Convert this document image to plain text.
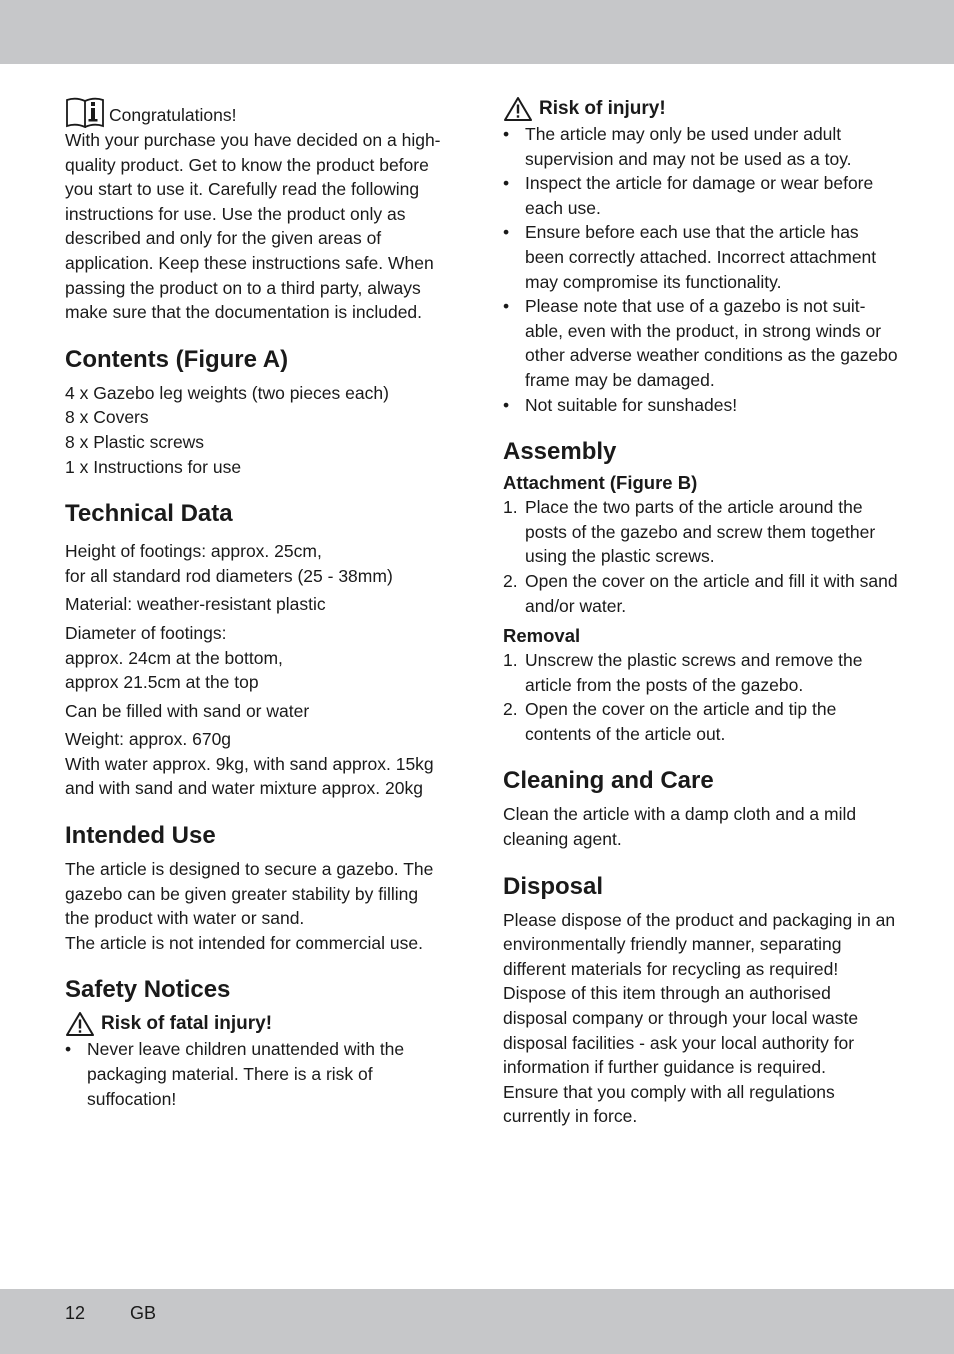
Congratulations!

With your purchase you have decided on a high-quality product. Get to know the product before you start to use it. Carefully read the following instructions for use. Use the product only as described and only for the given areas of application. Keep these instructions safe. When passing the product on to a third party, always make sure that the documentation is included.

Contents (Figure A)

4 x Gazebo leg weights (two pieces each)

8 x Covers

8 x Plastic screws

1 x Instructions for use

Technical Data

Height of footings: approx. 25cm,

for all standard rod diameters (25 - 38mm)

Material: weather-resistant plastic

Diameter of footings:

approx. 24cm at the bottom,

approx 21.5cm at the top

Can be filled with sand or water

Weight: approx. 670g

With water approx. 9kg, with sand approx. 15kg and with sand and water mixture approx. 20kg

Intended Use

The article is designed to secure a gazebo. The gazebo can be given greater stability by filling the product with water or sand.

The article is not intended for commercial use.

Safety Notices
Risk of fatal injury!
• Never leave children unattended with the packaging material. There is a risk of suffocation!
Risk of injury!
• The article may only be used under adult supervision and may not be used as a toy.
• Inspect the article for damage or wear before each use.
• Ensure before each use that the article has been correctly attached. Incorrect attachment may compromise its functionality.
• Please note that use of a gazebo is not suit-able, even with the product, in strong winds or other adverse weather conditions as the gazebo frame may be damaged.
• Not suitable for sunshades!
Assembly
Attachment (Figure B)
1. Place the two parts of the article around the posts of the gazebo and screw them together using the plastic screws.
2. Open the cover on the article and fill it with sand and/or water.
Removal
1. Unscrew the plastic screws and remove the article from the posts of the gazebo.
2. Open the cover on the article and tip the contents of the article out.
Cleaning and Care

Clean the article with a damp cloth and a mild cleaning agent.

Disposal

Please dispose of the product and packaging in an environmentally friendly manner, separating different materials for recycling as required!

Dispose of this item through an authorised disposal company or through your local waste disposal facilities - ask your local authority for information if further guidance is required.

Ensure that you comply with all regulations currently in force.

12 GB
